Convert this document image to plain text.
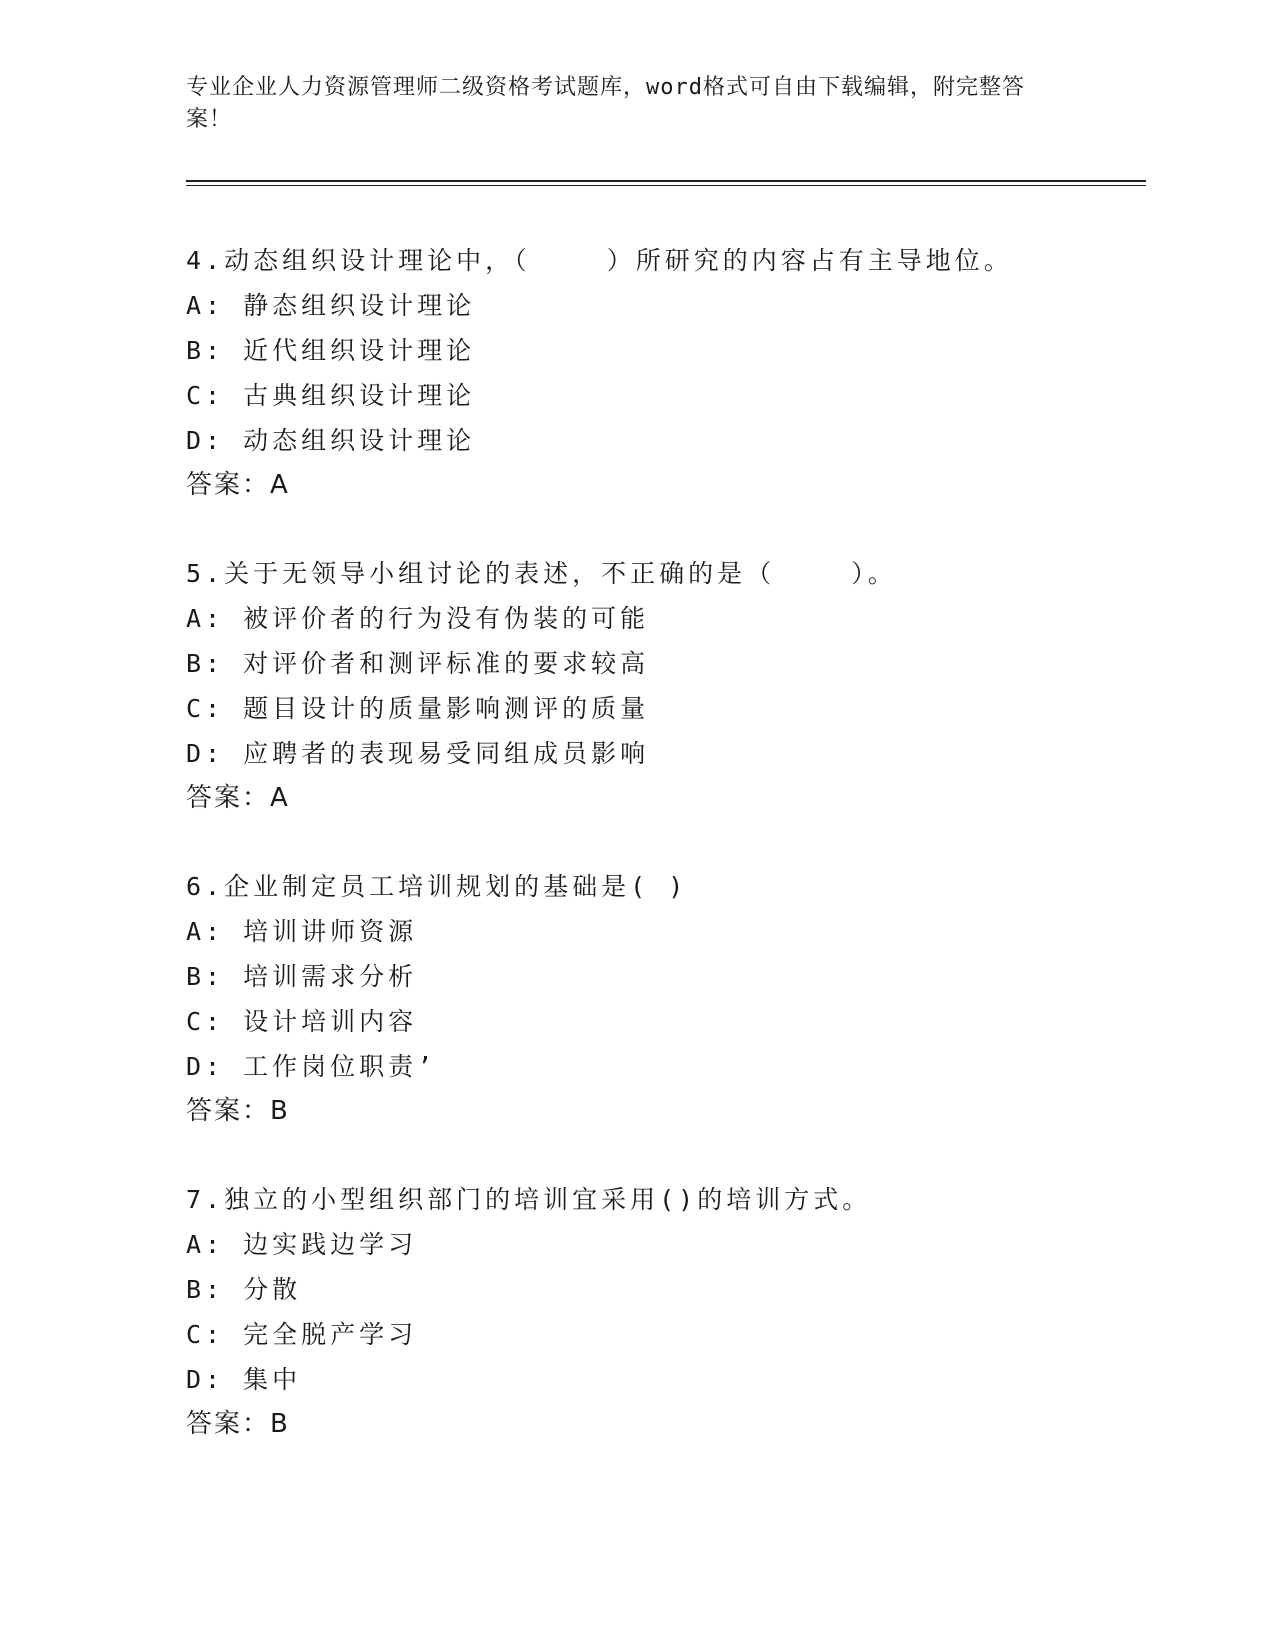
专业企业人力资源管理师二级资格考试题库，word格式可自由下载编辑，附完整答案！
4.动态组织设计理论中，（    ）所研究的内容占有主导地位。
A: 静态组织设计理论
B: 近代组织设计理论
C: 古典组织设计理论
D: 动态组织设计理论
答案：A
5.关于无领导小组讨论的表述，不正确的是（    ）。
A: 被评价者的行为没有伪装的可能
B: 对评价者和测评标准的要求较高
C: 题目设计的质量影响测评的质量
D: 应聘者的表现易受同组成员影响
答案：A
6.企业制定员工培训规划的基础是( )
A: 培训讲师资源
B: 培训需求分析
C: 设计培训内容
D: 工作岗位职责’
答案：B
7.独立的小型组织部门的培训宜采用()的培训方式。
A: 边实践边学习
B: 分散
C: 完全脱产学习
D: 集中
答案：B
